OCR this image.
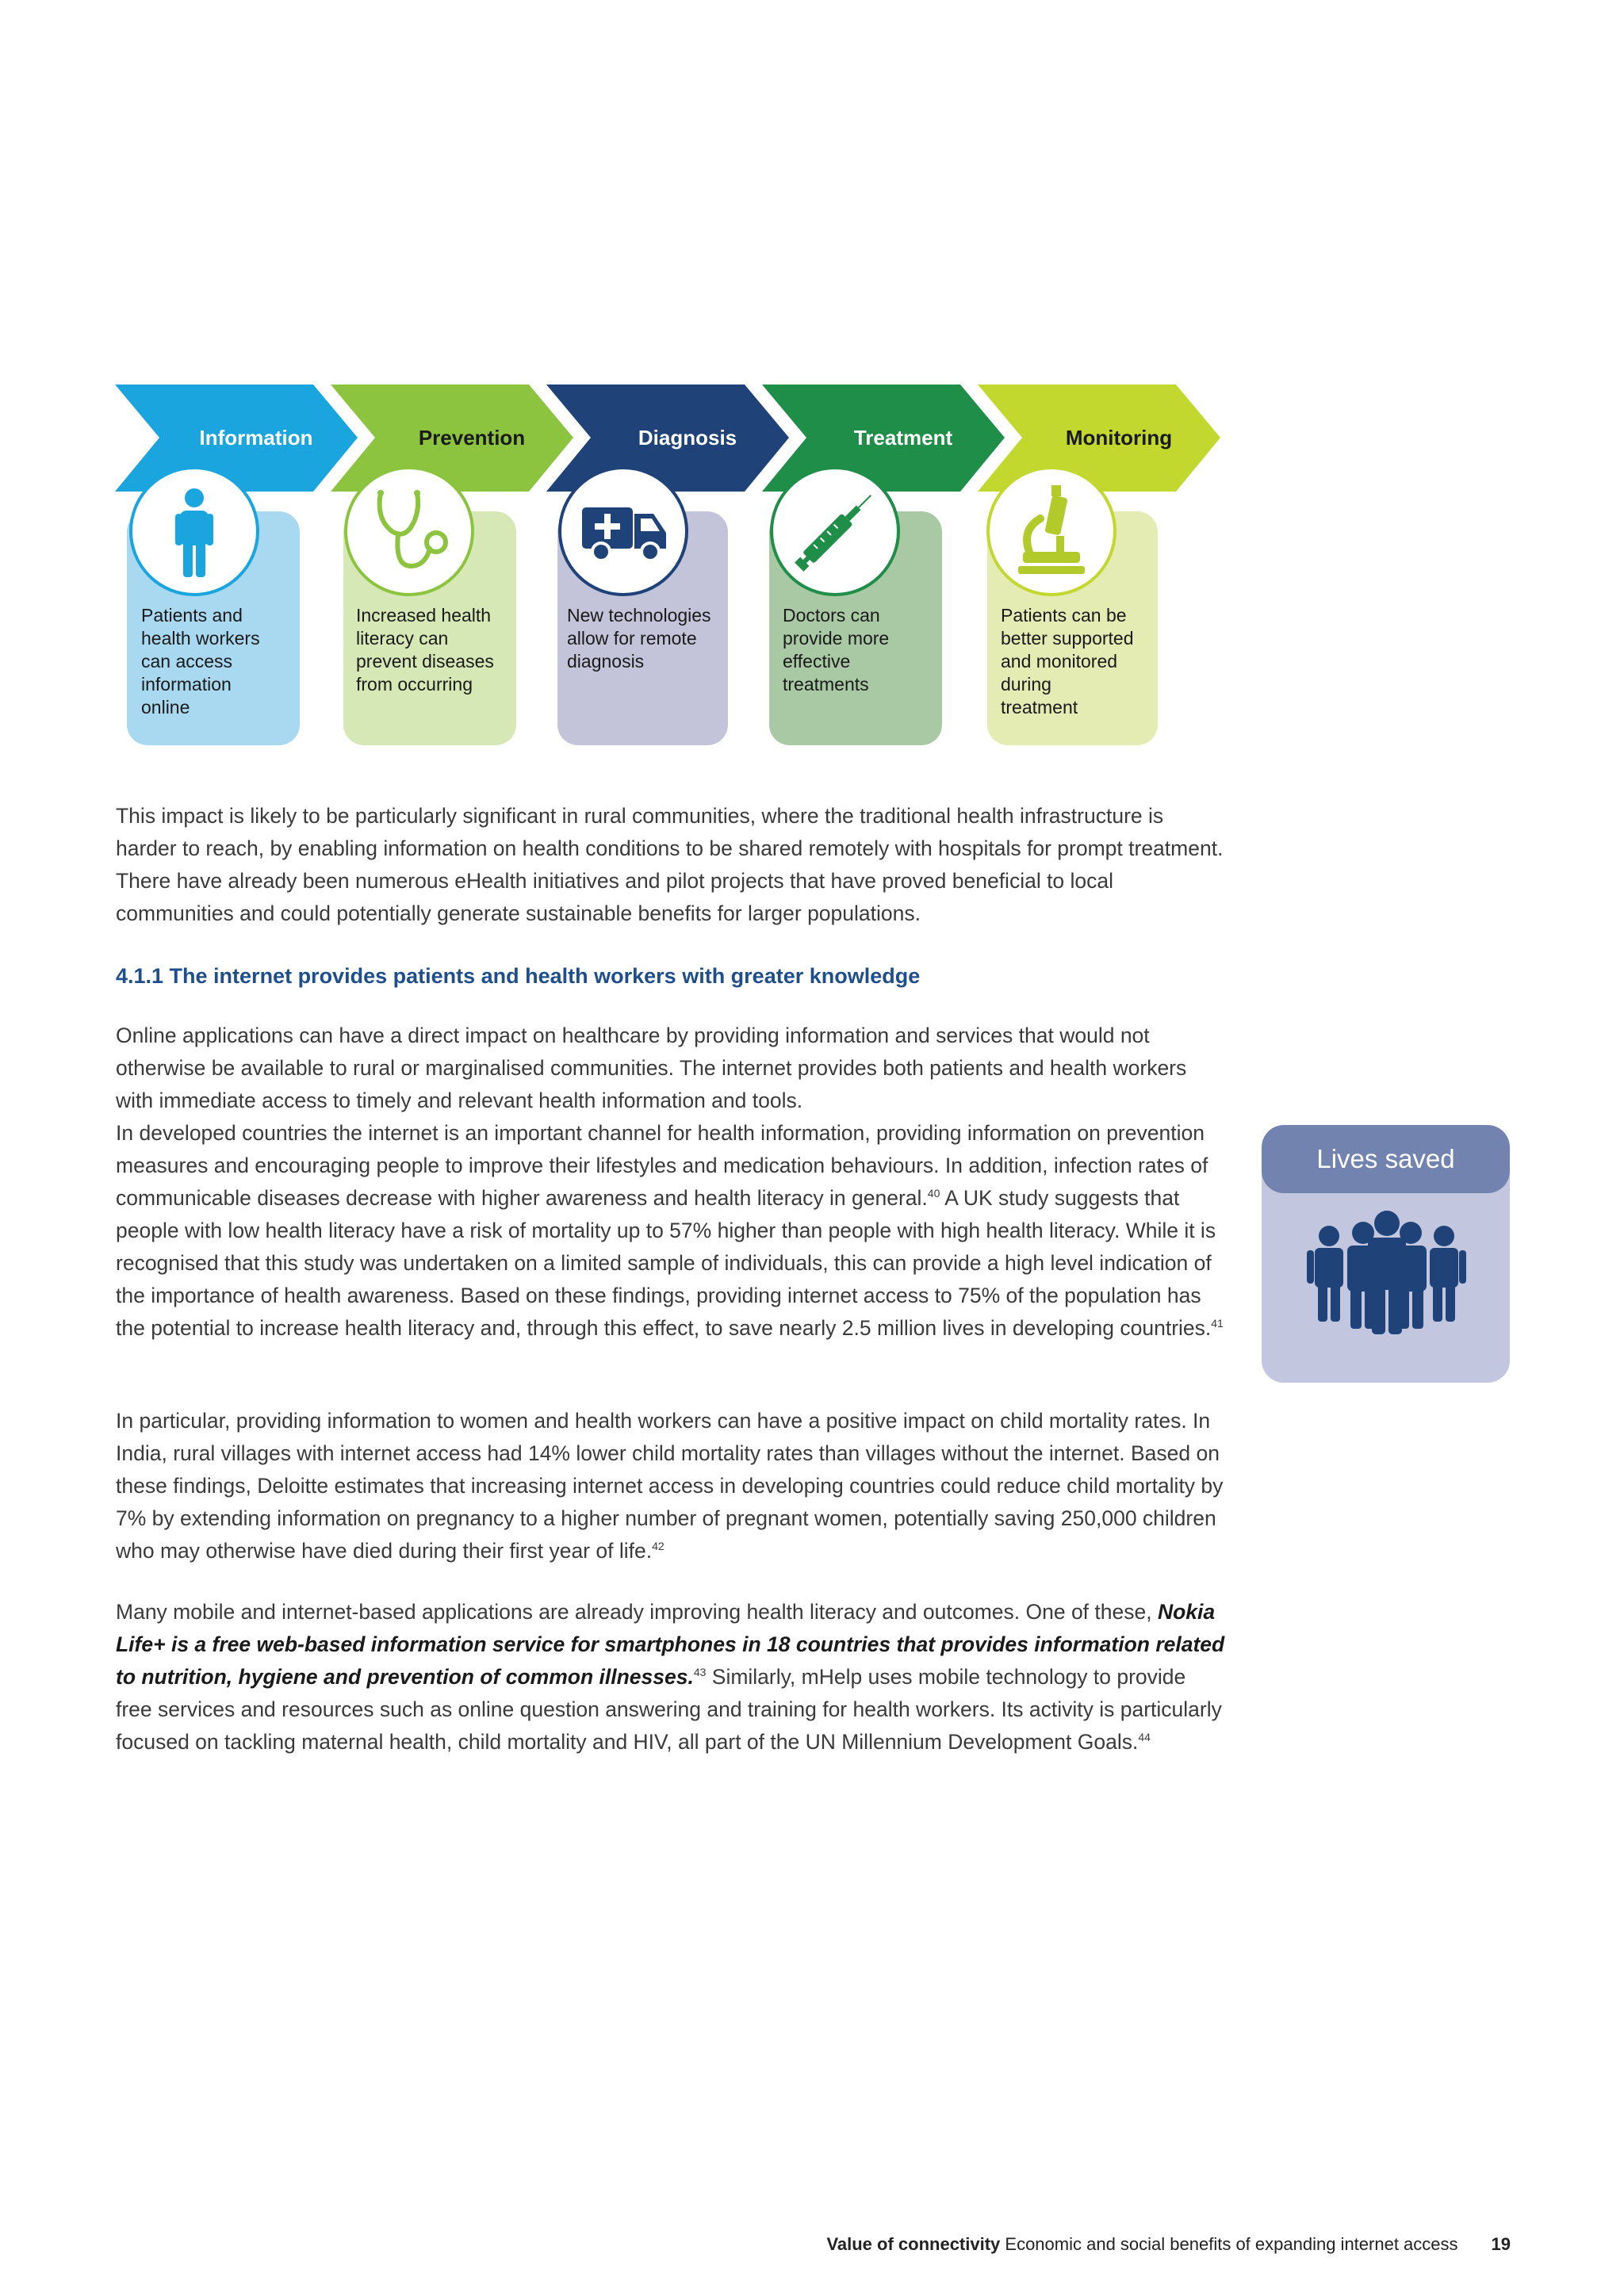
Information	Prevention	Diagnosis	Treatment	Monitoring
Patients and
health workers
can access
information
online
Increased health
literacy can
prevent diseases
from occurring
New technologies
allow for remote
diagnosis
Doctors can
provide more
effective
treatments
Patients can be
better supported
and monitored
during
treatment

This impact is likely to be particularly significant in rural communities, where the traditional health infrastructure is harder to reach, by enabling information on health conditions to be shared remotely with hospitals for prompt treatment. There have already been numerous eHealth initiatives and pilot projects that have proved beneficial to local communities and could potentially generate sustainable benefits for larger populations.

4.1.1 The internet provides patients and health workers with greater knowledge

Online applications can have a direct impact on healthcare by providing information and services that would not otherwise be available to rural or marginalised communities. The internet provides both patients and health workers with immediate access to timely and relevant health information and tools.

In developed countries the internet is an important channel for health information, providing information on prevention measures and encouraging people to improve their lifestyles and medication behaviours. In addition, infection rates of communicable diseases decrease with higher awareness and health literacy in general.$^{40}$ A UK study suggests that people with low health literacy have a risk of mortality up to 57% higher than people with high health literacy. While it is recognised that this study was undertaken on a limited sample of individuals, this can provide a high level indication of the importance of health awareness. Based on these findings, providing internet access to 75% of the population has the potential to increase health literacy and, through this effect, to save nearly 2.5 million lives in developing countries.$^{41}$

In particular, providing information to women and health workers can have a positive impact on child mortality rates. In India, rural villages with internet access had 14% lower child mortality rates than villages without the internet. Based on these findings, Deloitte estimates that increasing internet access in developing countries could reduce child mortality by 7% by extending information on pregnancy to a higher number of pregnant women, potentially saving 250,000 children who may otherwise have died during their first year of life.$^{42}$

Many mobile and internet-based applications are already improving health literacy and outcomes. One of these, Nokia Life+ is a free web-based information service for smartphones in 18 countries that provides information related to nutrition, hygiene and prevention of common illnesses.$^{43}$ Similarly, mHelp uses mobile technology to provide free services and resources such as online question answering and training for health workers. Its activity is particularly focused on tackling maternal health, child mortality and HIV, all part of the UN Millennium Development Goals.$^{44}$

Lives saved
Value of connectivity Economic and social benefits of expanding internet access 19
